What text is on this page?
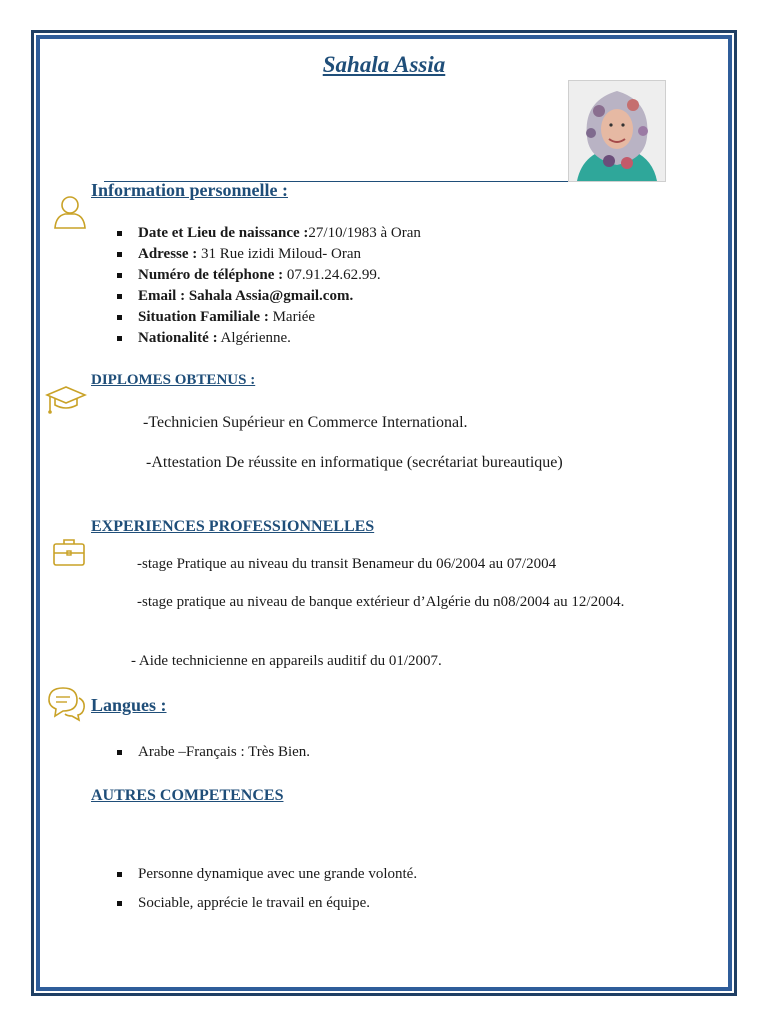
Sahala Assia
Information personnelle :
Date et Lieu de naissance :27/10/1983 à Oran
Adresse : 31 Rue izidi Miloud- Oran
Numéro de téléphone : 07.91.24.62.99.
Email : Sahala Assia@gmail.com.
Situation Familiale : Mariée
Nationalité : Algérienne.
DIPLOMES OBTENUS :
-Technicien Supérieur en Commerce International.
-Attestation De réussite en informatique (secrétariat bureautique)
EXPERIENCES PROFESSIONNELLES
-stage Pratique au niveau du transit Benameur du 06/2004 au 07/2004
-stage pratique au niveau de banque extérieur d’Algérie du n08/2004 au 12/2004.
- Aide technicienne en appareils auditif du 01/2007.
Langues :
Arabe –Français : Très Bien.
AUTRES COMPETENCES
Personne dynamique avec une grande volonté.
Sociable, apprécie le travail en équipe.
